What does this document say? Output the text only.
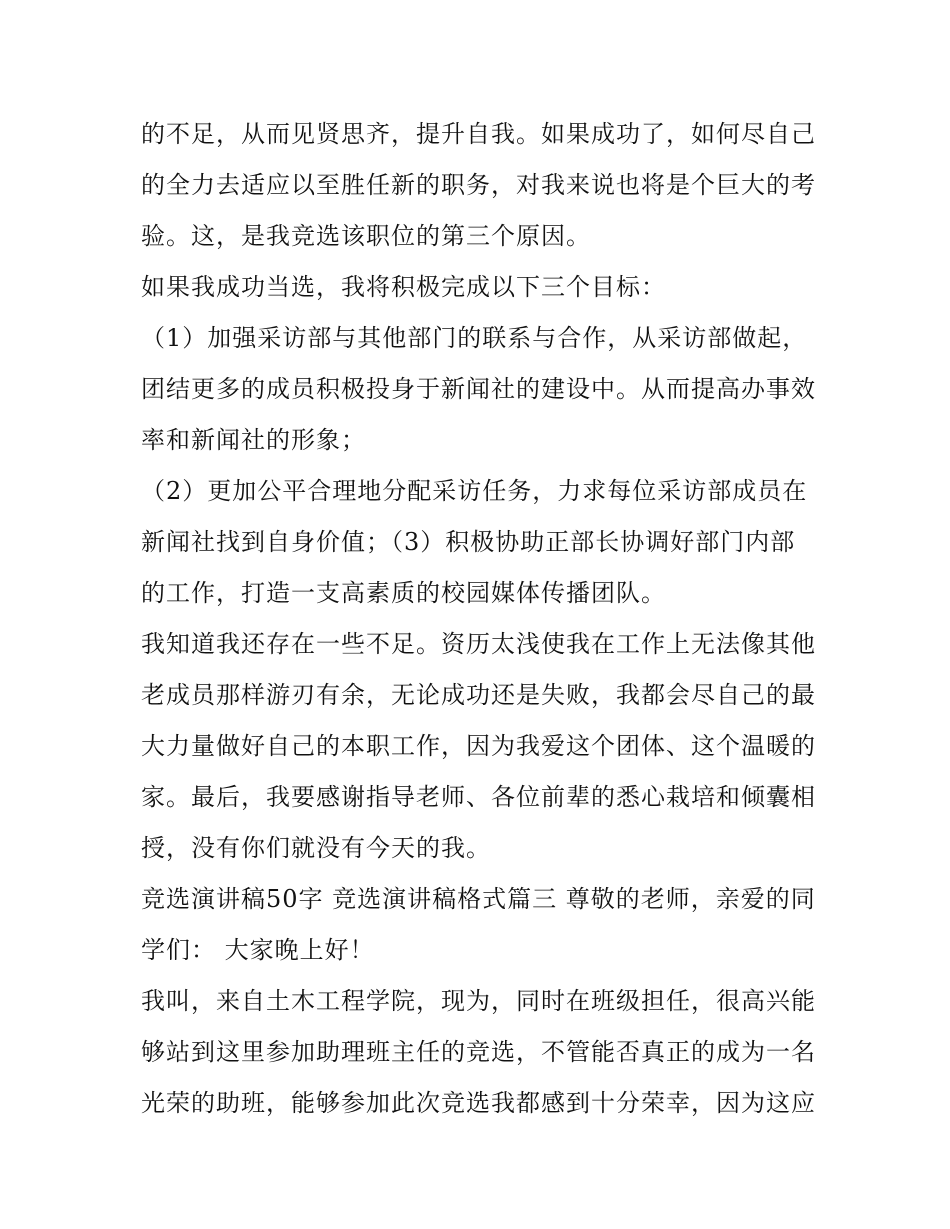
的不足，从而见贤思齐，提升自我。如果成功了，如何尽自己
的全力去适应以至胜任新的职务，对我来说也将是个巨大的考
验。这，是我竞选该职位的第三个原因。
如果我成功当选，我将积极完成以下三个目标：
（1）加强采访部与其他部门的联系与合作，从采访部做起，
团结更多的成员积极投身于新闻社的建设中。从而提高办事效
率和新闻社的形象；
（2）更加公平合理地分配采访任务，力求每位采访部成员在
新闻社找到自身价值；（3）积极协助正部长协调好部门内部
的工作，打造一支高素质的校园媒体传播团队。
我知道我还存在一些不足。资历太浅使我在工作上无法像其他
老成员那样游刃有余，无论成功还是失败，我都会尽自己的最
大力量做好自己的本职工作，因为我爱这个团体、这个温暖的
家。最后，我要感谢指导老师、各位前辈的悉心栽培和倾囊相
授，没有你们就没有今天的我。
竞选演讲稿50字 竞选演讲稿格式篇三 尊敬的老师，亲爱的同
学们： 大家晚上好！
我叫，来自土木工程学院，现为，同时在班级担任，很高兴能
够站到这里参加助理班主任的竞选，不管能否真正的成为一名
光荣的助班，能够参加此次竞选我都感到十分荣幸，因为这应
